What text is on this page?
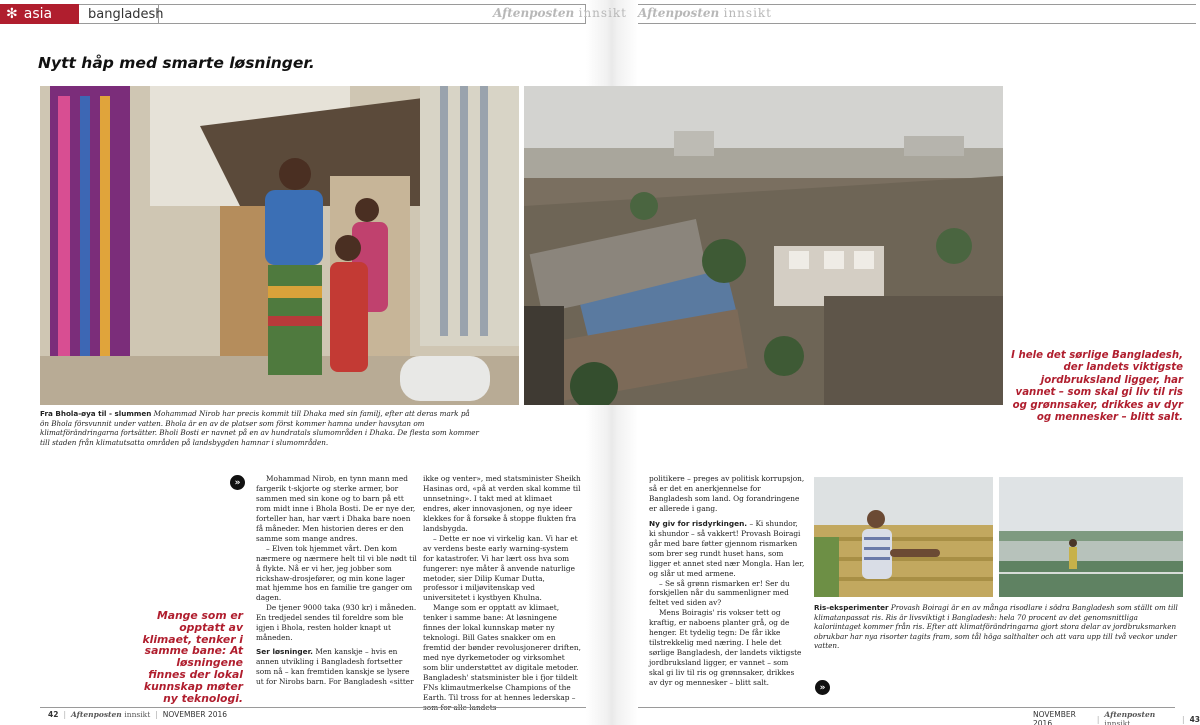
✻ asia	bangladesh	Aftenposten innsikt Aftenposten innsikt
Nytt håp med smarte løsninger.
I hele det sørlige Bangladesh, der landets viktigste jordbruksland ligger, har vannet – som skal gi liv til ris og grønnsaker, drikkes av dyr og mennesker – blitt salt.
Mange som er opptatt av klimaet, tenker i samme bane: At løsningene finnes der lokal kunnskap møter ny teknologi.
Fra Bhola-øya til - slummen Mohammad Nirob har precis kommit till Dhaka med sin familj, efter att deras mark på ön Bhola försvunnit under vatten. Bhola är en av de platser som först kommer hamna under havsytan om klimatförändringarna fortsätter. Bholi Bosti er navnet på en av hundratals slumområden i Dhaka. De flesta som kommer till staden från klimatutsatta områden på landsbygden hamnar i slumområden.
Ris-eksperimenter Provash Boiragi är en av många risodlare i södra Bangladesh som ställt om till klimatanpassat ris. Ris är livsviktigt i Bangladesh: hela 70 procent av det genomsnittliga kaloriintaget kommer från ris. Efter att klimatförändringarna gjort stora delar av jordbruksmarken obrukbar har nya risorter tagits fram, som tål höga salthalter och att vara upp till två veckor under vatten.
»
»

Mohammad Nirob, en tynn mann med fargerik t-skjorte og sterke armer, bor sammen med sin kone og to barn på ett rom midt inne i Bhola Bosti. De er nye der, forteller han, har vært i Dhaka bare noen få måneder. Men historien deres er den samme som mange andres.

– Elven tok hjemmet vårt. Den kom nærmere og nærmere helt til vi ble nødt til å flykte. Nå er vi her, jeg jobber som rickshaw-drosjefører, og min kone lager mat hjemme hos en familie tre ganger om dagen.

De tjener 9000 taka (930 kr) i måneden. En tredjedel sendes til foreldre som ble igjen i Bhola, resten holder knapt ut måneden.

Ser løsninger. Men kanskje – hvis en annen utvikling i Bangladesh fortsetter som nå – kan fremtiden kanskje se lysere ut for Nirobs barn. For Bangladesh «sitter

ikke og venter», med statsminister Sheikh Hasinas ord, «på at verden skal komme til unnsetning». I takt med at klimaet endres, øker innovasjonen, og nye ideer klekkes for å forsøke å stoppe flukten fra landsbygda.

– Dette er noe vi virkelig kan. Vi har et av verdens beste early warning-system for katastrofer. Vi har lært oss hva som fungerer: nye måter å anvende naturlige metoder, sier Dilip Kumar Dutta, professor i miljøvitenskap ved universitetet i kystbyen Khulna.

Mange som er opptatt av klimaet, tenker i samme bane: At løsningene finnes der lokal kunnskap møter ny teknologi. Bill Gates snakker om en fremtid der bønder revolusjonerer driften, med nye dyrkemetoder og virksomhet som blir understøttet av digitale metoder. Bangladesh' statsminister ble i fjor tildelt FNs klimautmerkelse Champions of the Earth. Til tross for at hennes lederskap –

politikere – preges av politisk korrupsjon, så er det en anerkjennelse for Bangladesh som land. Og forandringene er allerede i gang.

Ny giv for risdyrkingen. – Ki shundor, ki shundor – så vakkert! Provash Boiragi går med bare føtter gjennom rismarken som brer seg rundt huset hans, som ligger et annet sted nær Mongla. Han ler, og slår ut med armene.

– Se så grønn rismarken er! Ser du forskjellen når du sammenligner med feltet ved siden av?

Mens Boiragis' ris vokser tett og kraftig, er naboens planter grå, og de henger. Et tydelig tegn: De får ikke tilstrekkelig med næring. I hele det sørlige Bangladesh, der landets viktigste jordbruksland ligger, er vannet – som skal gi liv til ris og grønnsaker, drikkes av dyr og mennesker – blitt salt.

42 | Aftenposten innsikt | NOVEMBER 2016	NOVEMBER 2016	| Aftenposten innsikt	| 43
